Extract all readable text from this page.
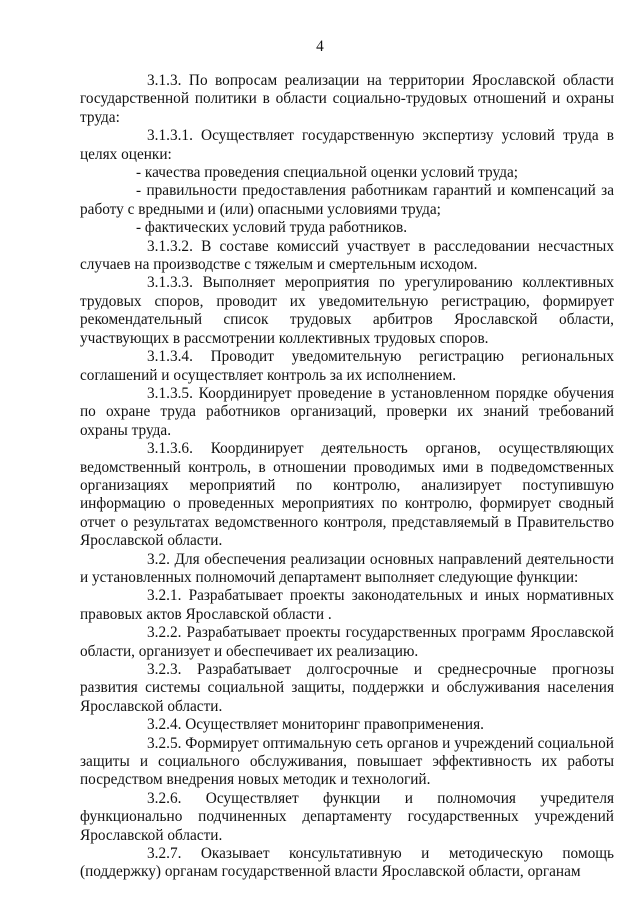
4

3.1.3. По вопросам реализации на территории Ярославской области государственной политики в области социально-трудовых отношений и охраны труда:

3.1.3.1. Осуществляет государственную экспертизу условий труда в целях оценки:

- качества проведения специальной оценки условий труда;

- правильности предоставления работникам гарантий и компенсаций за работу с вредными и (или) опасными условиями труда;

- фактических условий труда работников.

3.1.3.2. В составе комиссий участвует в расследовании несчастных случаев на производстве с тяжелым и смертельным исходом.

3.1.3.3. Выполняет мероприятия по урегулированию коллективных трудовых споров, проводит их уведомительную регистрацию, формирует рекомендательный список трудовых арбитров Ярославской области, участвующих в рассмотрении коллективных трудовых споров.

3.1.3.4. Проводит уведомительную регистрацию региональных соглашений и осуществляет контроль за их исполнением.

3.1.3.5. Координирует проведение в установленном порядке обучения по охране труда работников организаций, проверки их знаний требований охраны труда.

3.1.3.6. Координирует деятельность органов, осуществляющих ведомственный контроль, в отношении проводимых ими в подведомственных организациях мероприятий по контролю, анализирует поступившую информацию о проведенных мероприятиях по контролю, формирует сводный отчет о результатах ведомственного контроля, представляемый в Правительство Ярославской области.

3.2. Для обеспечения реализации основных направлений деятельности и установленных полномочий департамент выполняет следующие функции:

3.2.1. Разрабатывает проекты законодательных и иных нормативных правовых актов Ярославской области .

3.2.2. Разрабатывает проекты государственных программ Ярославской области, организует и обеспечивает их реализацию.

3.2.3. Разрабатывает долгосрочные и среднесрочные прогнозы развития системы социальной защиты, поддержки и обслуживания населения Ярославской области.

3.2.4. Осуществляет мониторинг правоприменения.

3.2.5. Формирует оптимальную сеть органов и учреждений социальной защиты и социального обслуживания, повышает эффективность их работы посредством внедрения новых методик и технологий.

3.2.6. Осуществляет функции и полномочия учредителя функционально подчиненных департаменту государственных учреждений Ярославской области.

3.2.7. Оказывает консультативную и методическую помощь (поддержку) органам государственной власти Ярославской области, органам
